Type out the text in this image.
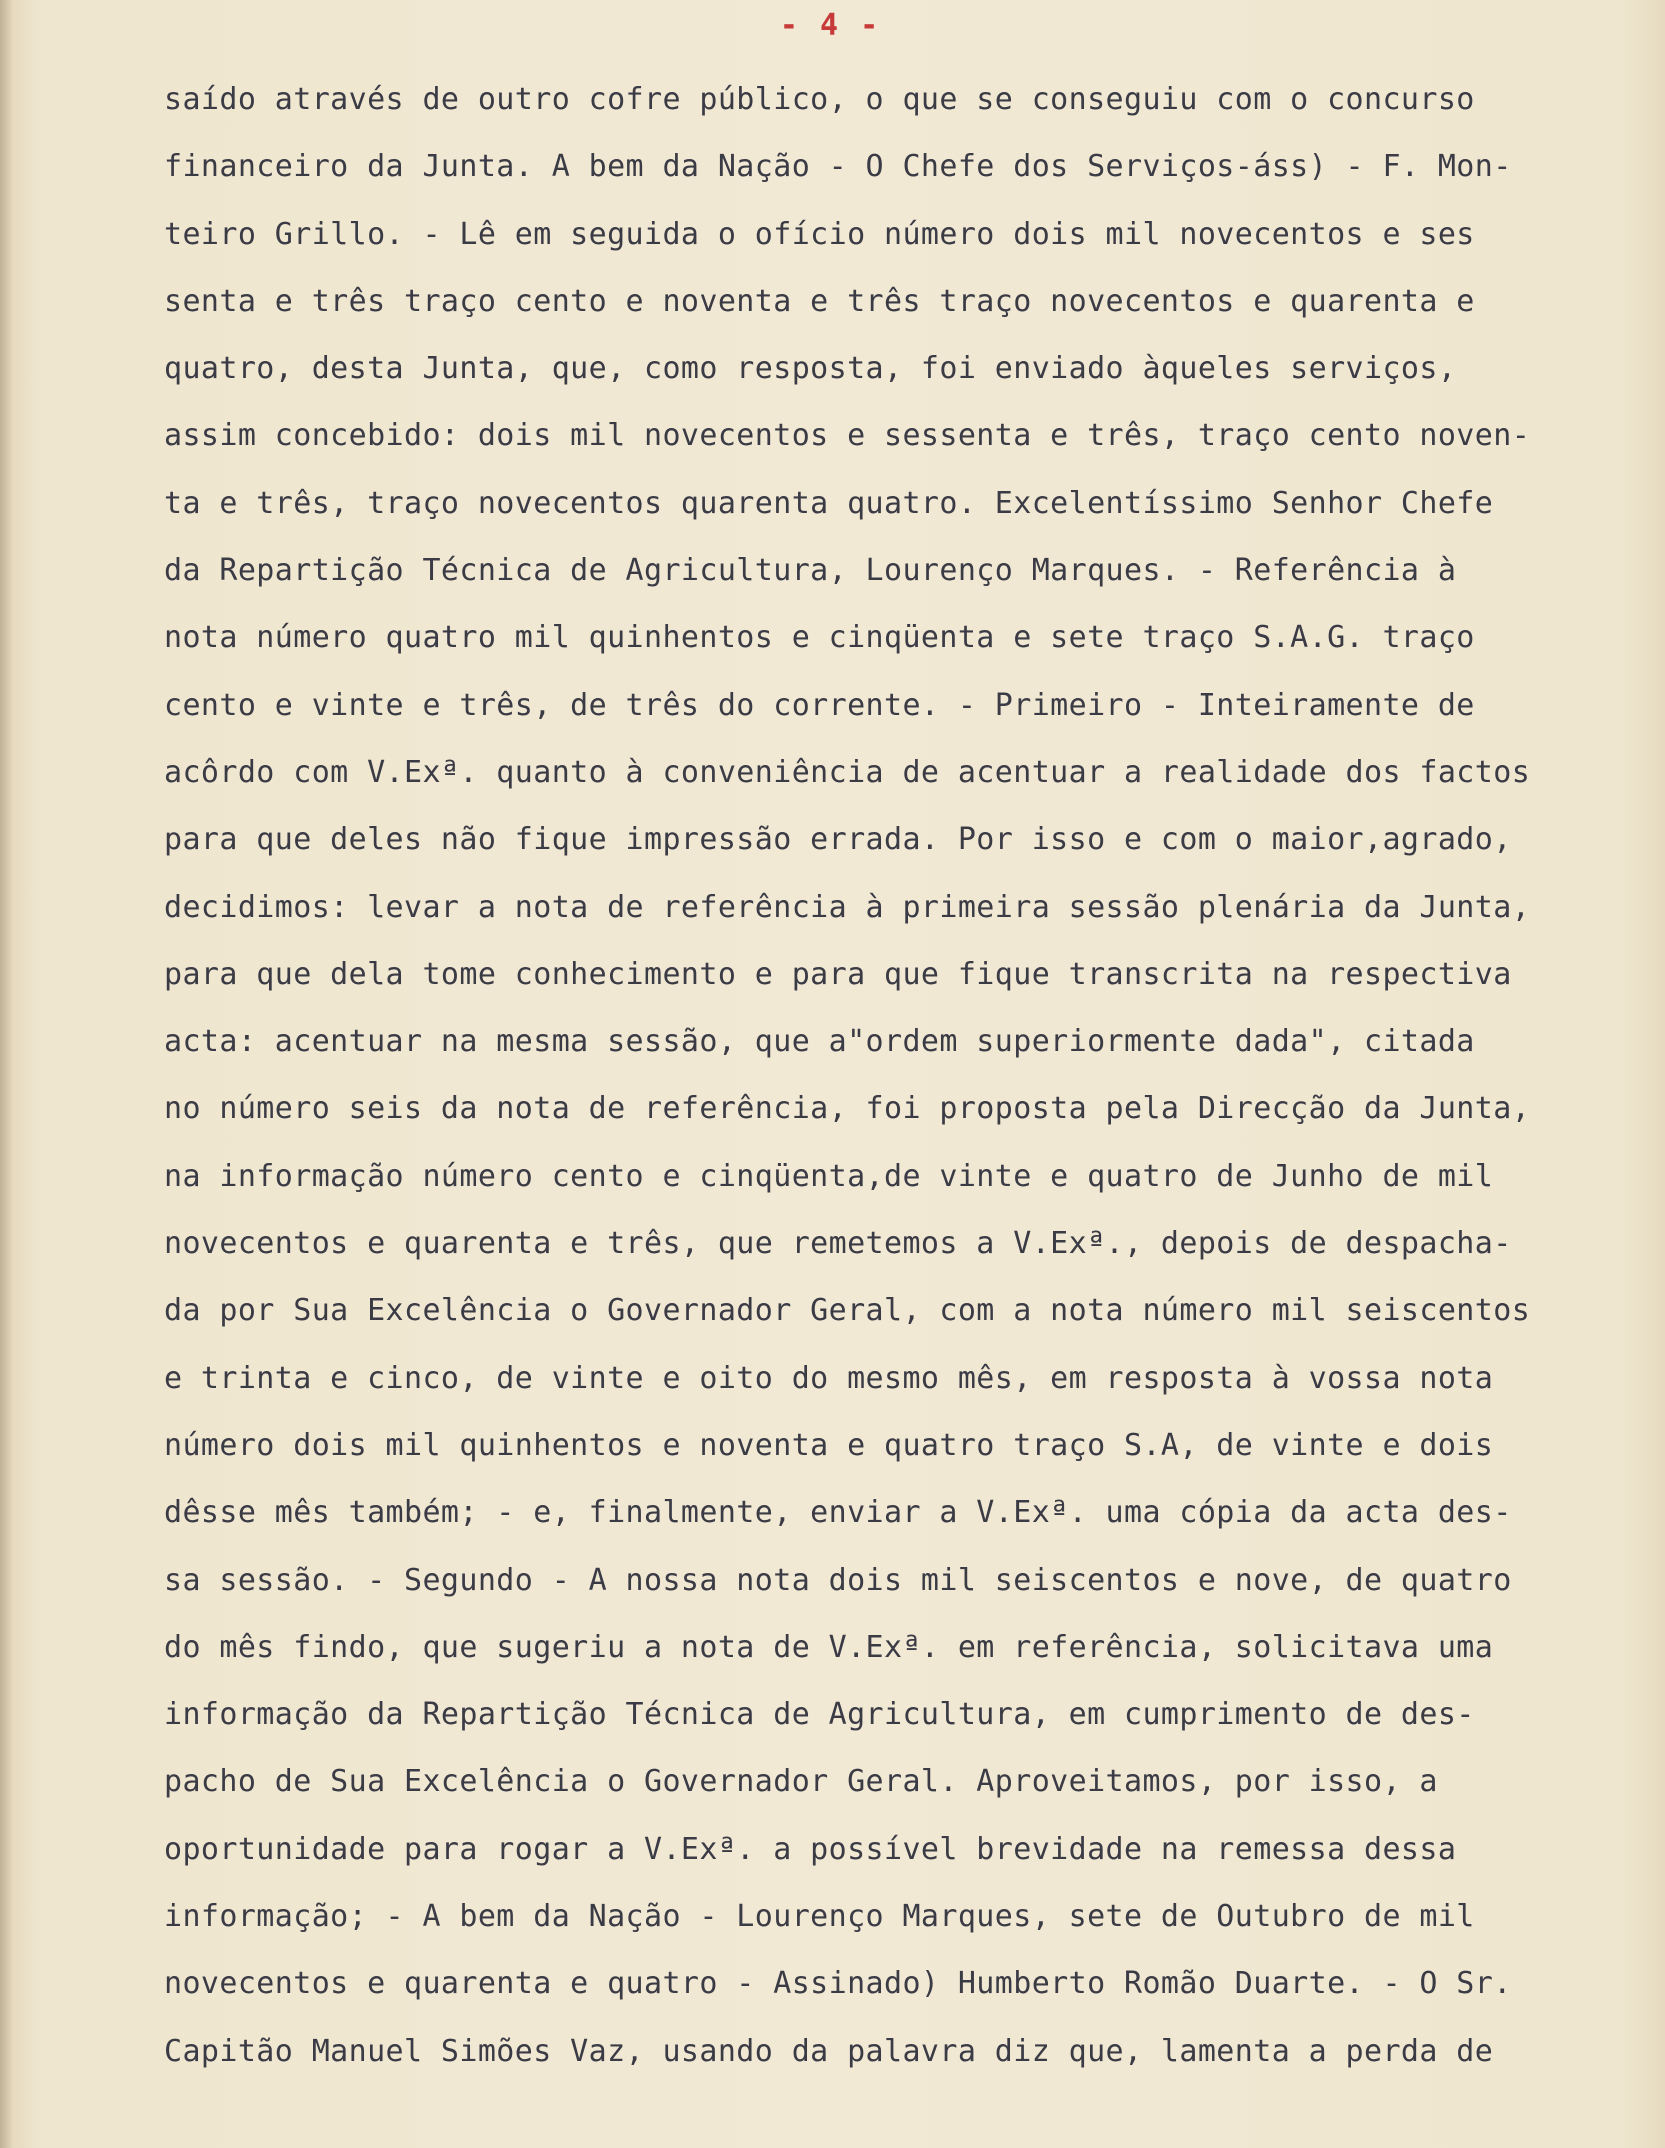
- 4 -
saído através de outro cofre público, o que se conseguiu com o concurso
financeiro da Junta. A bem da Nação - O Chefe dos Serviços-áss) - F. Mon-
teiro Grillo. - Lê em seguida o ofício número dois mil novecentos e ses
senta e três traço cento e noventa e três traço novecentos e quarenta e
quatro, desta Junta, que, como resposta, foi enviado àqueles serviços,
assim concebido: dois mil novecentos e sessenta e três, traço cento noven-
ta e três, traço novecentos quarenta quatro. Excelentíssimo Senhor Chefe
da Repartição Técnica de Agricultura, Lourenço Marques. - Referência à
nota número quatro mil quinhentos e cinqüenta e sete traço S.A.G. traço
cento e vinte e três, de três do corrente. - Primeiro - Inteiramente de
acôrdo com V.Exª. quanto à conveniência de acentuar a realidade dos factos
para que deles não fique impressão errada. Por isso e com o maior,agrado,
decidimos: levar a nota de referência à primeira sessão plenária da Junta,
para que dela tome conhecimento e para que fique transcrita na respectiva
acta: acentuar na mesma sessão, que a"ordem superiormente dada", citada
no número seis da nota de referência, foi proposta pela Direcção da Junta,
na informação número cento e cinqüenta,de vinte e quatro de Junho de mil
novecentos e quarenta e três, que remetemos a V.Exª., depois de despacha-
da por Sua Excelência o Governador Geral, com a nota número mil seiscentos
e trinta e cinco, de vinte e oito do mesmo mês, em resposta à vossa nota
número dois mil quinhentos e noventa e quatro traço S.A, de vinte e dois
dêsse mês também; - e, finalmente, enviar a V.Exª. uma cópia da acta des-
sa sessão. - Segundo - A nossa nota dois mil seiscentos e nove, de quatro
do mês findo, que sugeriu a nota de V.Exª. em referência, solicitava uma
informação da Repartição Técnica de Agricultura, em cumprimento de des-
pacho de Sua Excelência o Governador Geral. Aproveitamos, por isso, a
oportunidade para rogar a V.Exª. a possível brevidade na remessa dessa
informação; - A bem da Nação - Lourenço Marques, sete de Outubro de mil
novecentos e quarenta e quatro - Assinado) Humberto Romão Duarte. - O Sr.
Capitão Manuel Simões Vaz, usando da palavra diz que, lamenta a perda de
